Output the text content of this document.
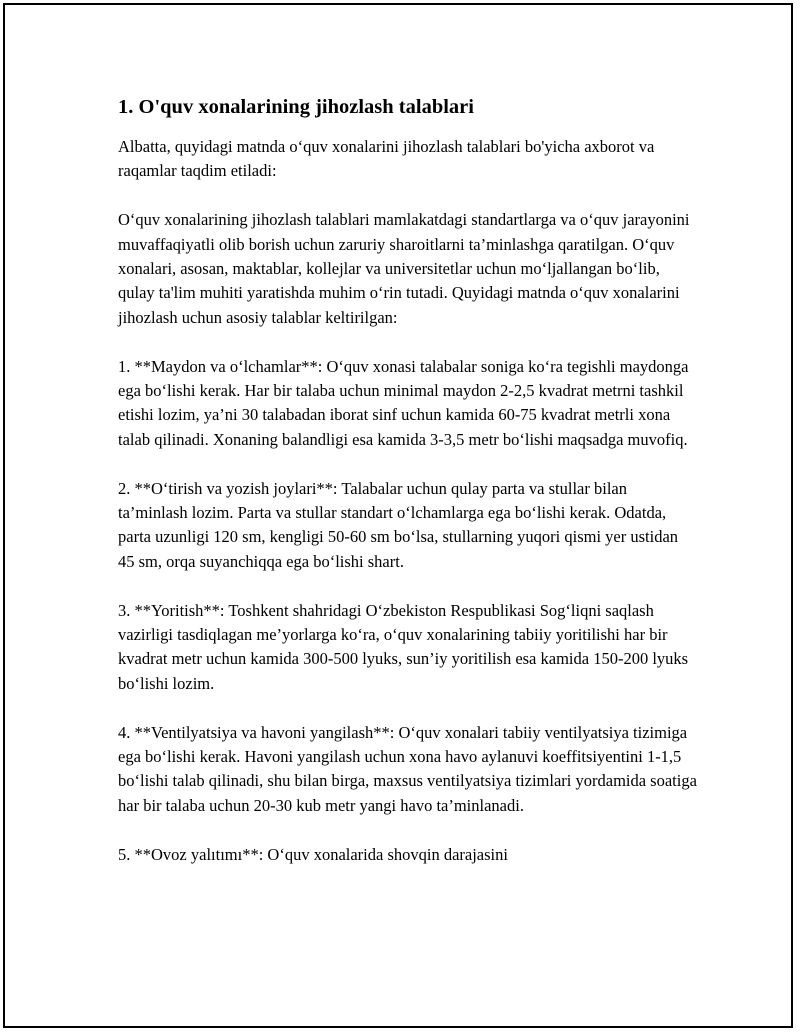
1. O'quv xonalarining jihozlash talablari

Albatta, quyidagi matnda o‘quv xonalarini jihozlash talablari bo'yicha axborot va raqamlar taqdim etiladi:

O‘quv xonalarining jihozlash talablari mamlakatdagi standartlarga va o‘quv jarayonini muvaffaqiyatli olib borish uchun zaruriy sharoitlarni ta’minlashga qaratilgan. O‘quv xonalari, asosan, maktablar, kollejlar va universitetlar uchun mo‘ljallangan bo‘lib, qulay ta'lim muhiti yaratishda muhim o‘rin tutadi. Quyidagi matnda o‘quv xonalarini jihozlash uchun asosiy talablar keltirilgan:

1. **Maydon va o‘lchamlar**: O‘quv xonasi talabalar soniga ko‘ra tegishli maydonga ega bo‘lishi kerak. Har bir talaba uchun minimal maydon 2-2,5 kvadrat metrni tashkil etishi lozim, ya’ni 30 talabadan iborat sinf uchun kamida 60-75 kvadrat metrli xona talab qilinadi. Xonaning balandligi esa kamida 3-3,5 metr bo‘lishi maqsadga muvofiq.

2. **O‘tirish va yozish joylari**: Talabalar uchun qulay parta va stullar bilan ta’minlash lozim. Parta va stullar standart o‘lchamlarga ega bo‘lishi kerak. Odatda, parta uzunligi 120 sm, kengligi 50-60 sm bo‘lsa, stullarning yuqori qismi yer ustidan 45 sm, orqa suyanchiqqa ega bo‘lishi shart.

3. **Yoritish**: Toshkent shahridagi O‘zbekiston Respublikasi Sog‘liqni saqlash vazirligi tasdiqlagan me’yorlarga ko‘ra, o‘quv xonalarining tabiiy yoritilishi har bir kvadrat metr uchun kamida 300-500 lyuks, sun’iy yoritilish esa kamida 150-200 lyuks bo‘lishi lozim.

4. **Ventilyatsiya va havoni yangilash**: O‘quv xonalari tabiiy ventilyatsiya tizimiga ega bo‘lishi kerak. Havoni yangilash uchun xona havo aylanuvi koeffitsiyentini 1-1,5 bo‘lishi talab qilinadi, shu bilan birga, maxsus ventilyatsiya tizimlari yordamida soatiga har bir talaba uchun 20-30 kub metr yangi havo ta’minlanadi.

5. **Ovoz yalıtımı**: O‘quv xonalarida shovqin darajasini
